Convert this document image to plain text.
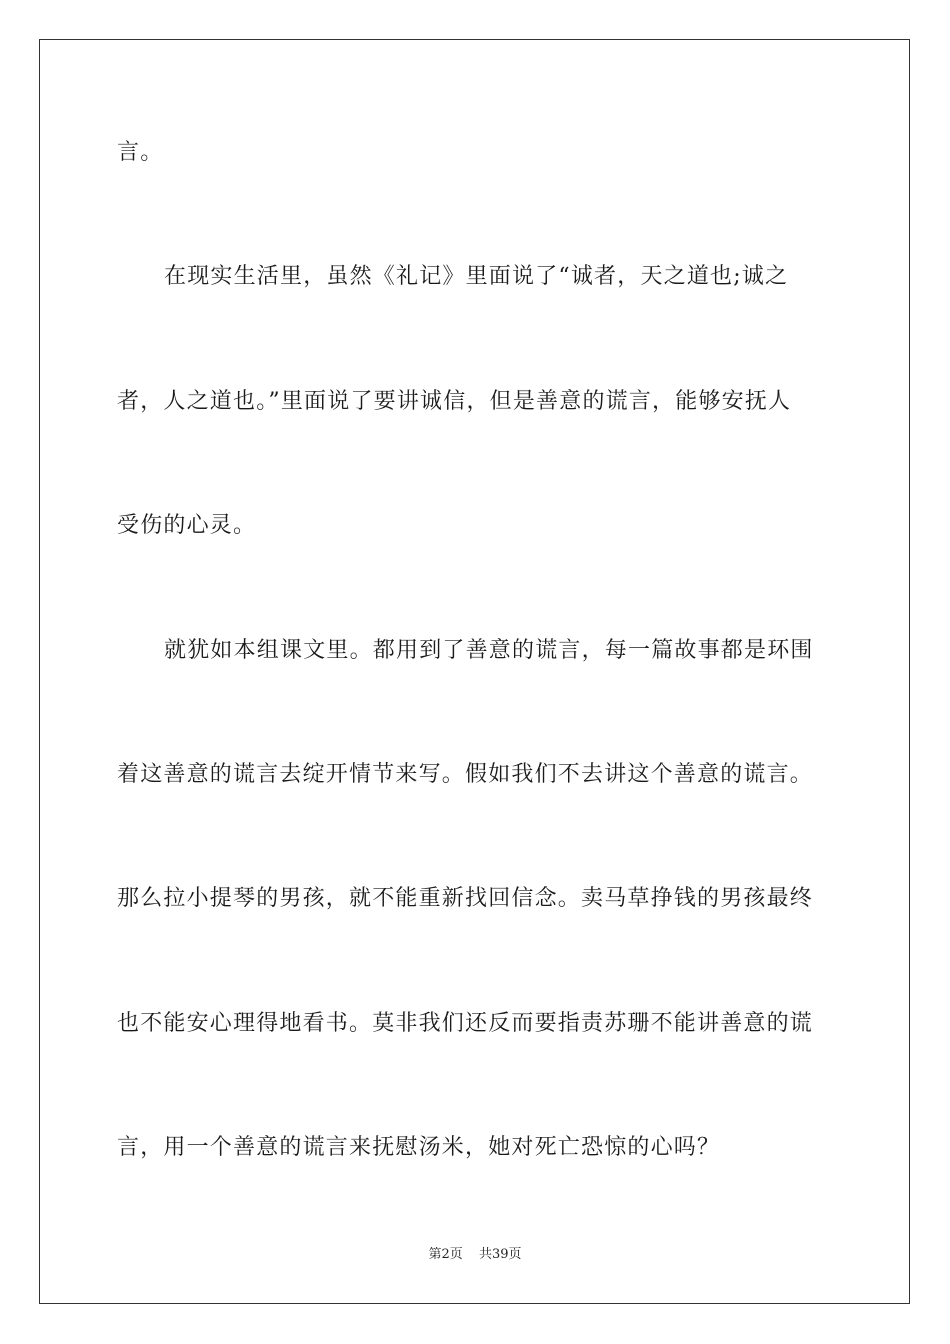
言。
在现实生活里，虽然《礼记》里面说了“诚者，天之道也;诚之
者，人之道也。”里面说了要讲诚信，但是善意的谎言，能够安抚人
受伤的心灵。
就犹如本组课文里。都用到了善意的谎言，每一篇故事都是环围
着这善意的谎言去绽开情节来写。假如我们不去讲这个善意的谎言。
那么拉小提琴的男孩，就不能重新找回信念。卖马草挣钱的男孩最终
也不能安心理得地看书。莫非我们还反而要指责苏珊不能讲善意的谎
言，用一个善意的谎言来抚慰汤米，她对死亡恐惊的心吗？
第2页 共39页
